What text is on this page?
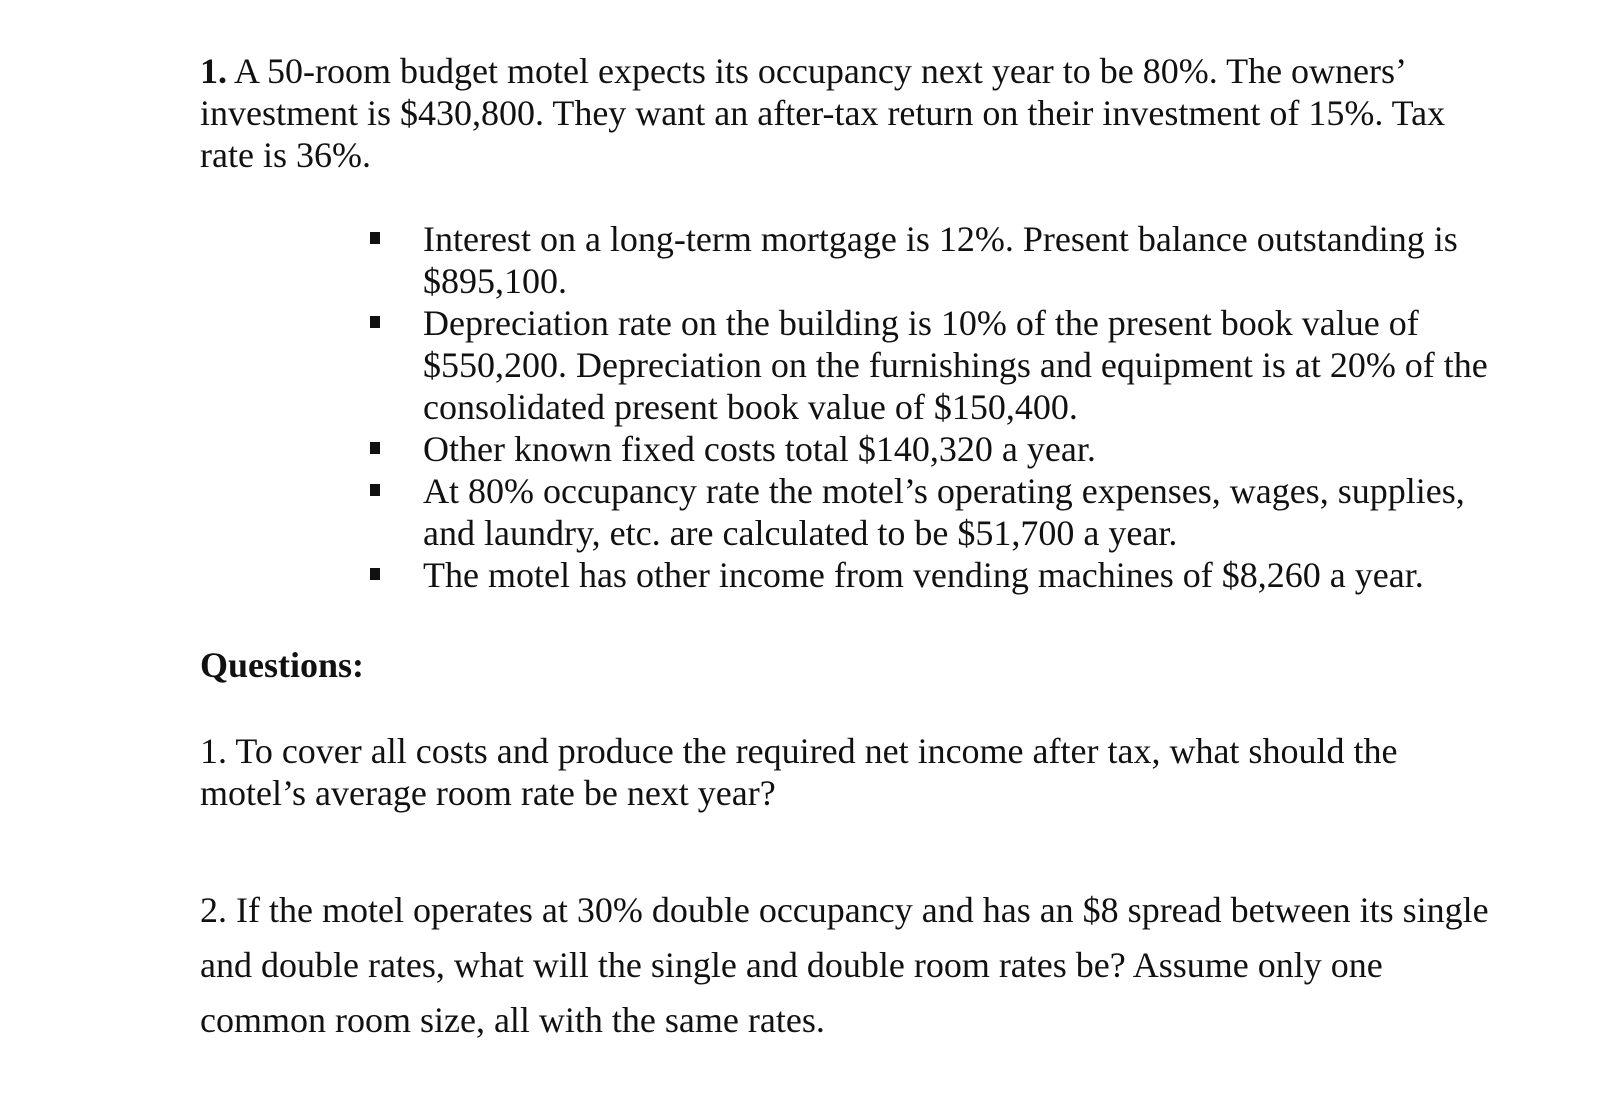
1. A 50-room budget motel expects its occupancy next year to be 80%. The owners’ investment is $430,800. They want an after-tax return on their investment of 15%. Tax rate is 36%.

Interest on a long-term mortgage is 12%. Present balance outstanding is $895,100.
Depreciation rate on the building is 10% of the present book value of $550,200. Depreciation on the furnishings and equipment is at 20% of the consolidated present book value of $150,400.
Other known fixed costs total $140,320 a year.
At 80% occupancy rate the motel’s operating expenses, wages, supplies, and laundry, etc. are calculated to be $51,700 a year.
The motel has other income from vending machines of $8,260 a year.
Questions:

1. To cover all costs and produce the required net income after tax, what should the motel’s average room rate be next year?

2. If the motel operates at 30% double occupancy and has an $8 spread between its single and double rates, what will the single and double room rates be? Assume only one common room size, all with the same rates.
